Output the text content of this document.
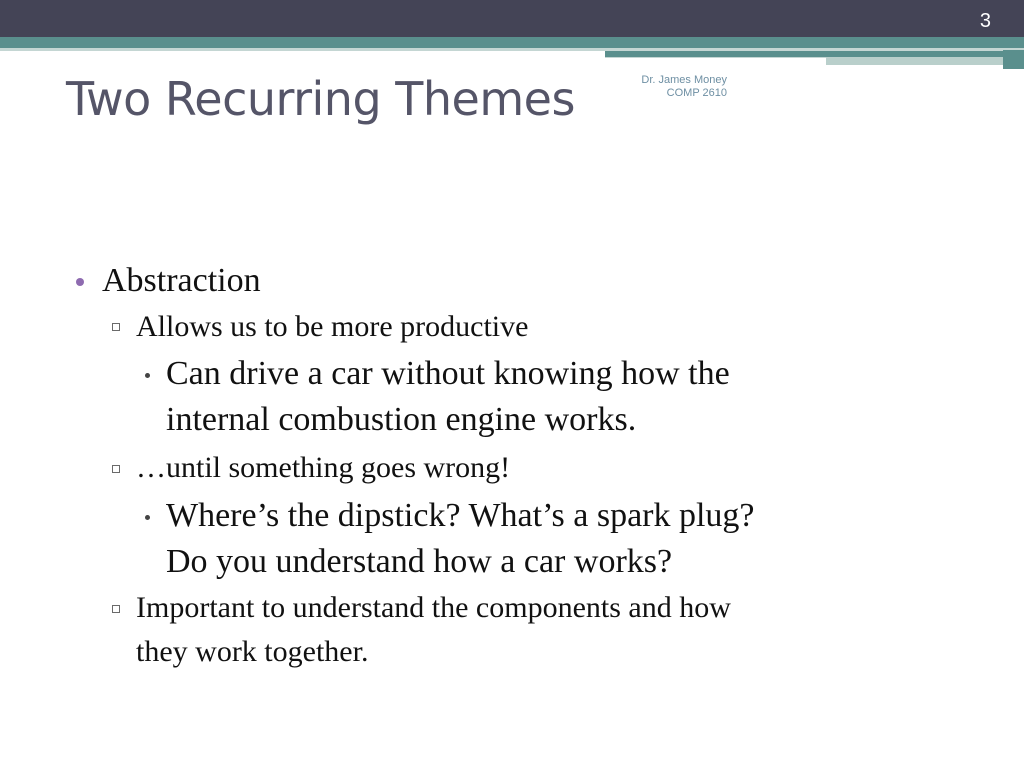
3
Two Recurring Themes	Dr. James Money
COMP 2610
Abstraction
Allows us to be more productive
Can drive a car without knowing how the
internal combustion engine works.
…until something goes wrong!
Where’s the dipstick? What’s a spark plug?
Do you understand how a car works?
Important to understand the components and how
they work together.
